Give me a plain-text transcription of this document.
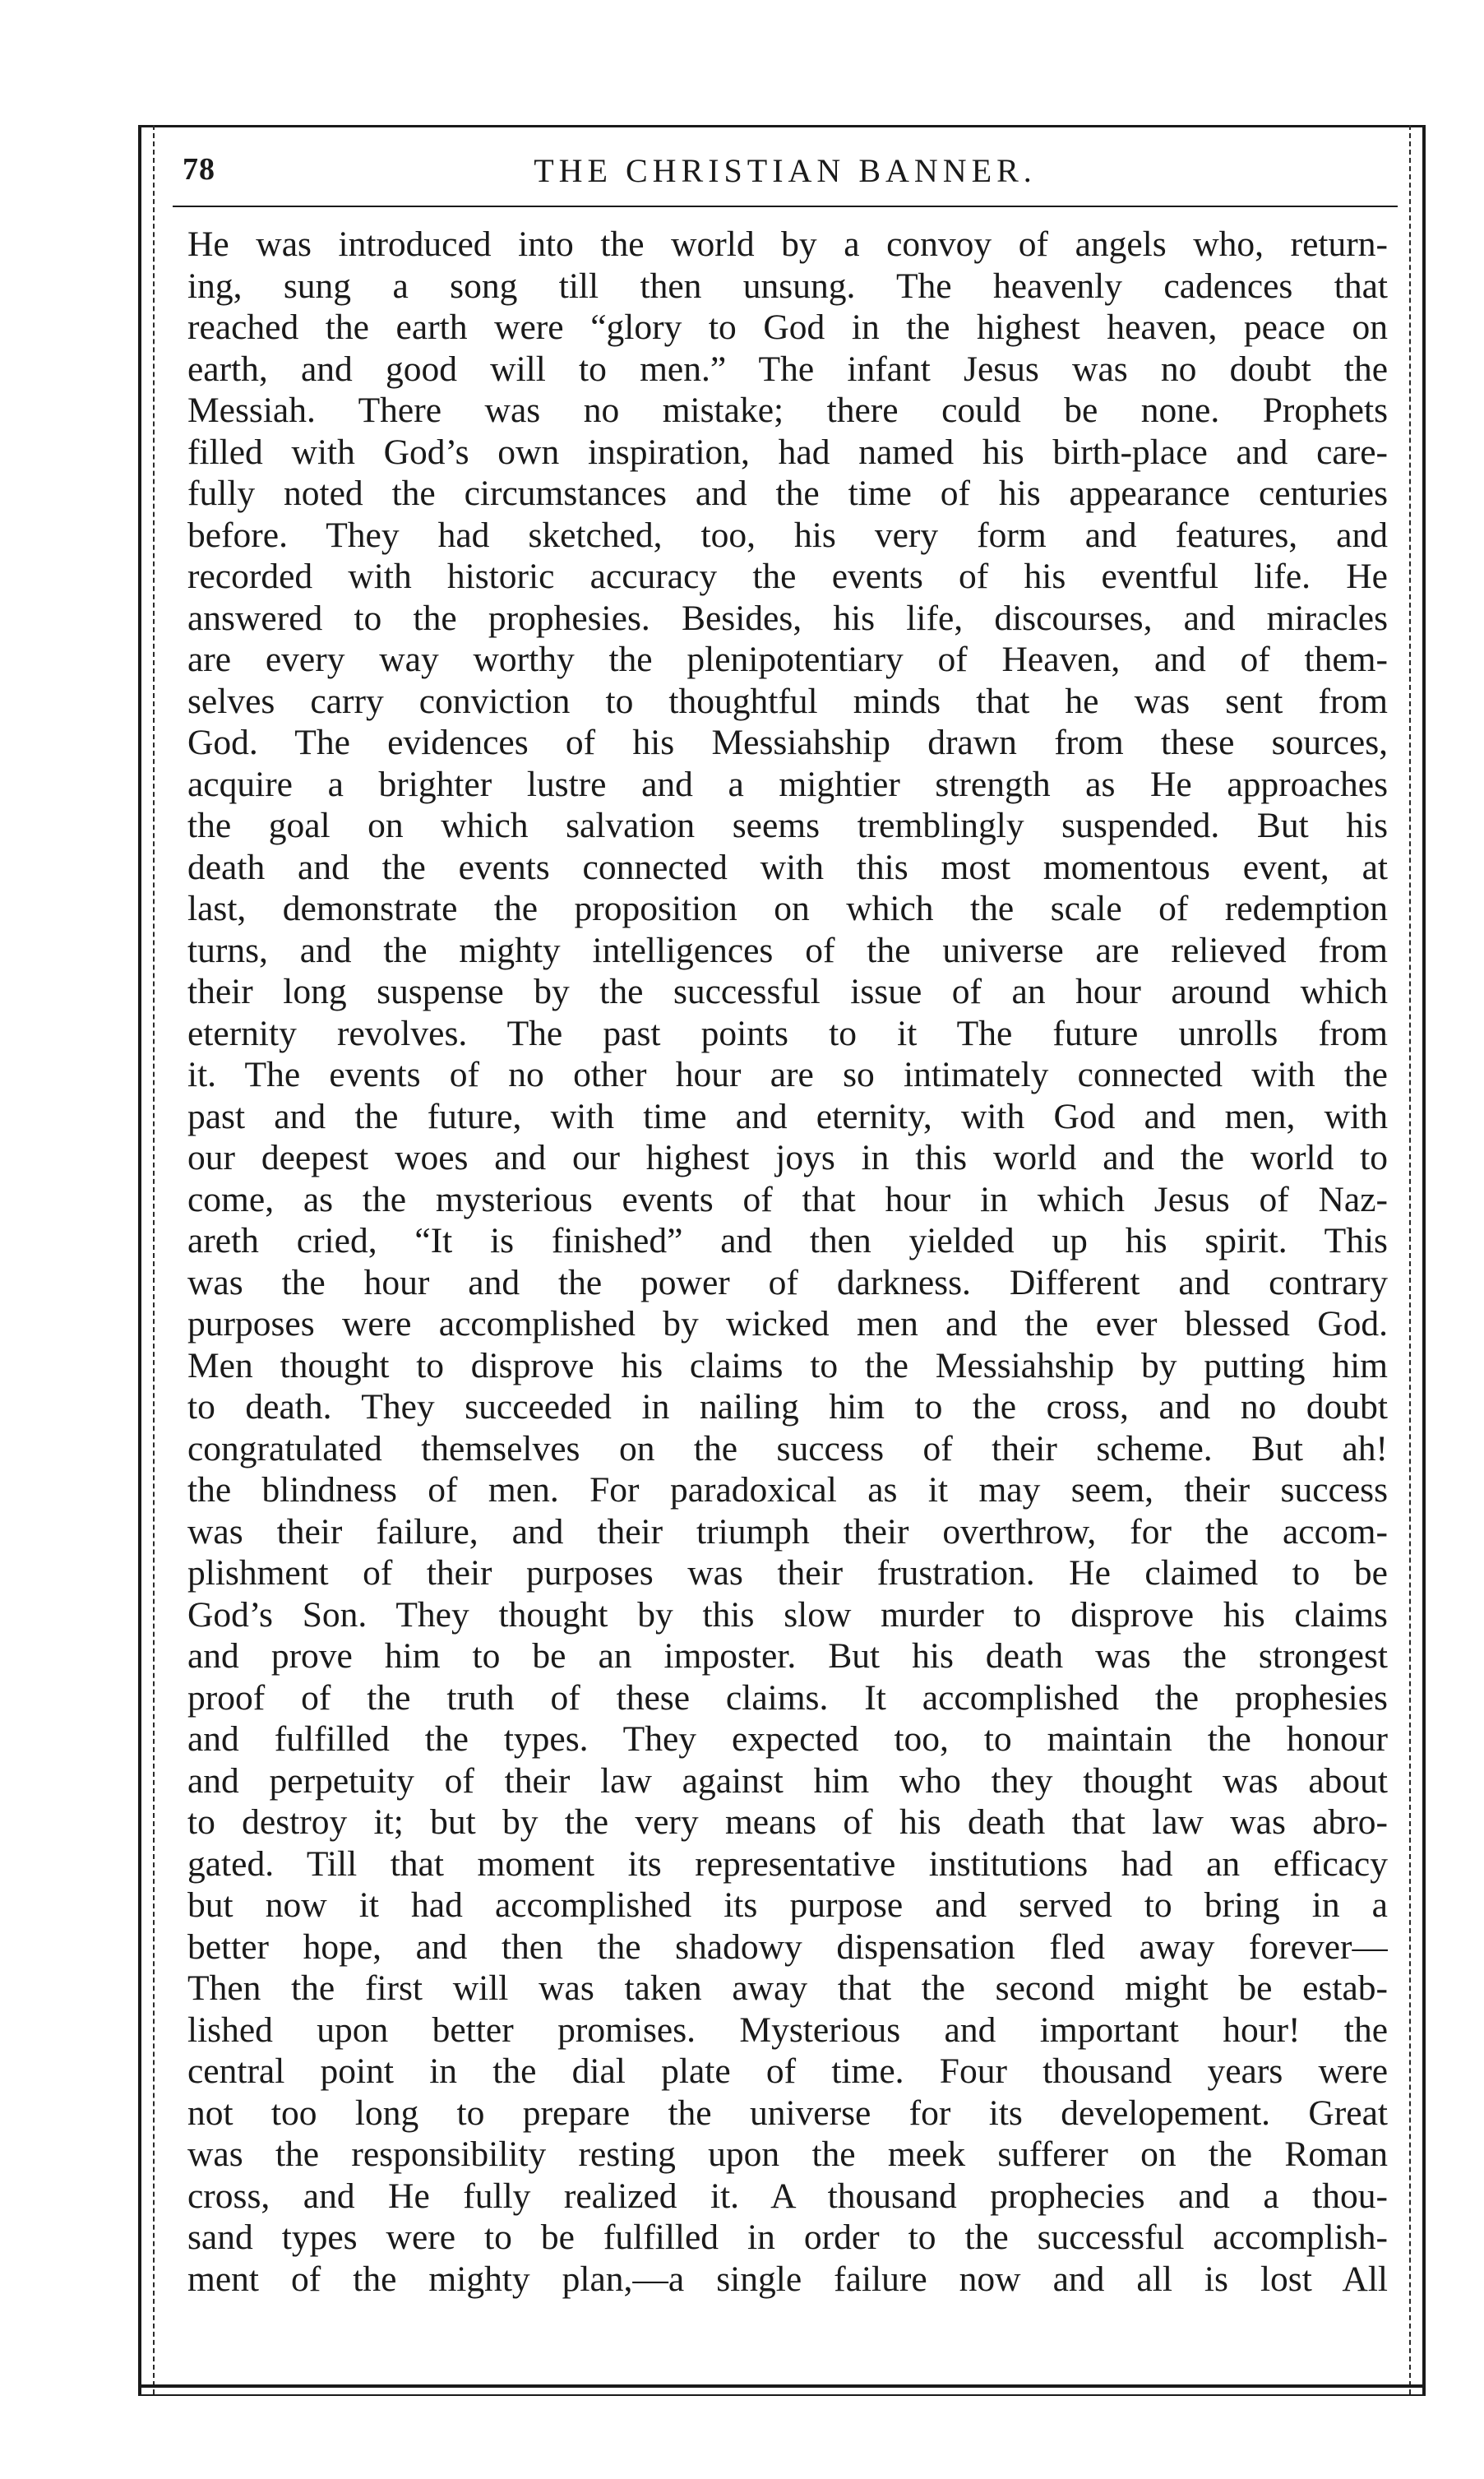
78	THE CHRISTIAN BANNER.
He was introduced into the world by a convoy of angels who, return-
ing, sung a song till then unsung. The heavenly cadences that
reached the earth were “glory to God in the highest heaven, peace on
earth, and good will to men.” The infant Jesus was no doubt the
Messiah. There was no mistake; there could be none. Prophets
filled with God’s own inspiration, had named his birth-place and care-
fully noted the circumstances and the time of his appearance centuries
before. They had sketched, too, his very form and features, and
recorded with historic accuracy the events of his eventful life. He
answered to the prophesies. Besides, his life, discourses, and miracles
are every way worthy the plenipotentiary of Heaven, and of them-
selves carry conviction to thoughtful minds that he was sent from
God. The evidences of his Messiahship drawn from these sources,
acquire a brighter lustre and a mightier strength as He approaches
the goal on which salvation seems tremblingly suspended. But his
death and the events connected with this most momentous event, at
last, demonstrate the proposition on which the scale of redemption
turns, and the mighty intelligences of the universe are relieved from
their long suspense by the successful issue of an hour around which
eternity revolves. The past points to it The future unrolls from
it. The events of no other hour are so intimately connected with the
past and the future, with time and eternity, with God and men, with
our deepest woes and our highest joys in this world and the world to
come, as the mysterious events of that hour in which Jesus of Naz-
areth cried, “It is finished” and then yielded up his spirit. This
was the hour and the power of darkness. Different and contrary
purposes were accomplished by wicked men and the ever blessed God.
Men thought to disprove his claims to the Messiahship by putting him
to death. They succeeded in nailing him to the cross, and no doubt
congratulated themselves on the success of their scheme. But ah!
the blindness of men. For paradoxical as it may seem, their success
was their failure, and their triumph their overthrow, for the accom-
plishment of their purposes was their frustration. He claimed to be
God’s Son. They thought by this slow murder to disprove his claims
and prove him to be an imposter. But his death was the strongest
proof of the truth of these claims. It accomplished the prophesies
and fulfilled the types. They expected too, to maintain the honour
and perpetuity of their law against him who they thought was about
to destroy it; but by the very means of his death that law was abro-
gated. Till that moment its representative institutions had an efficacy
but now it had accomplished its purpose and served to bring in a
better hope, and then the shadowy dispensation fled away forever—
Then the first will was taken away that the second might be estab-
lished upon better promises. Mysterious and important hour! the
central point in the dial plate of time. Four thousand years were
not too long to prepare the universe for its developement. Great
was the responsibility resting upon the meek sufferer on the Roman
cross, and He fully realized it. A thousand prophecies and a thou-
sand types were to be fulfilled in order to the successful accomplish-
ment of the mighty plan,—a single failure now and all is lost All
